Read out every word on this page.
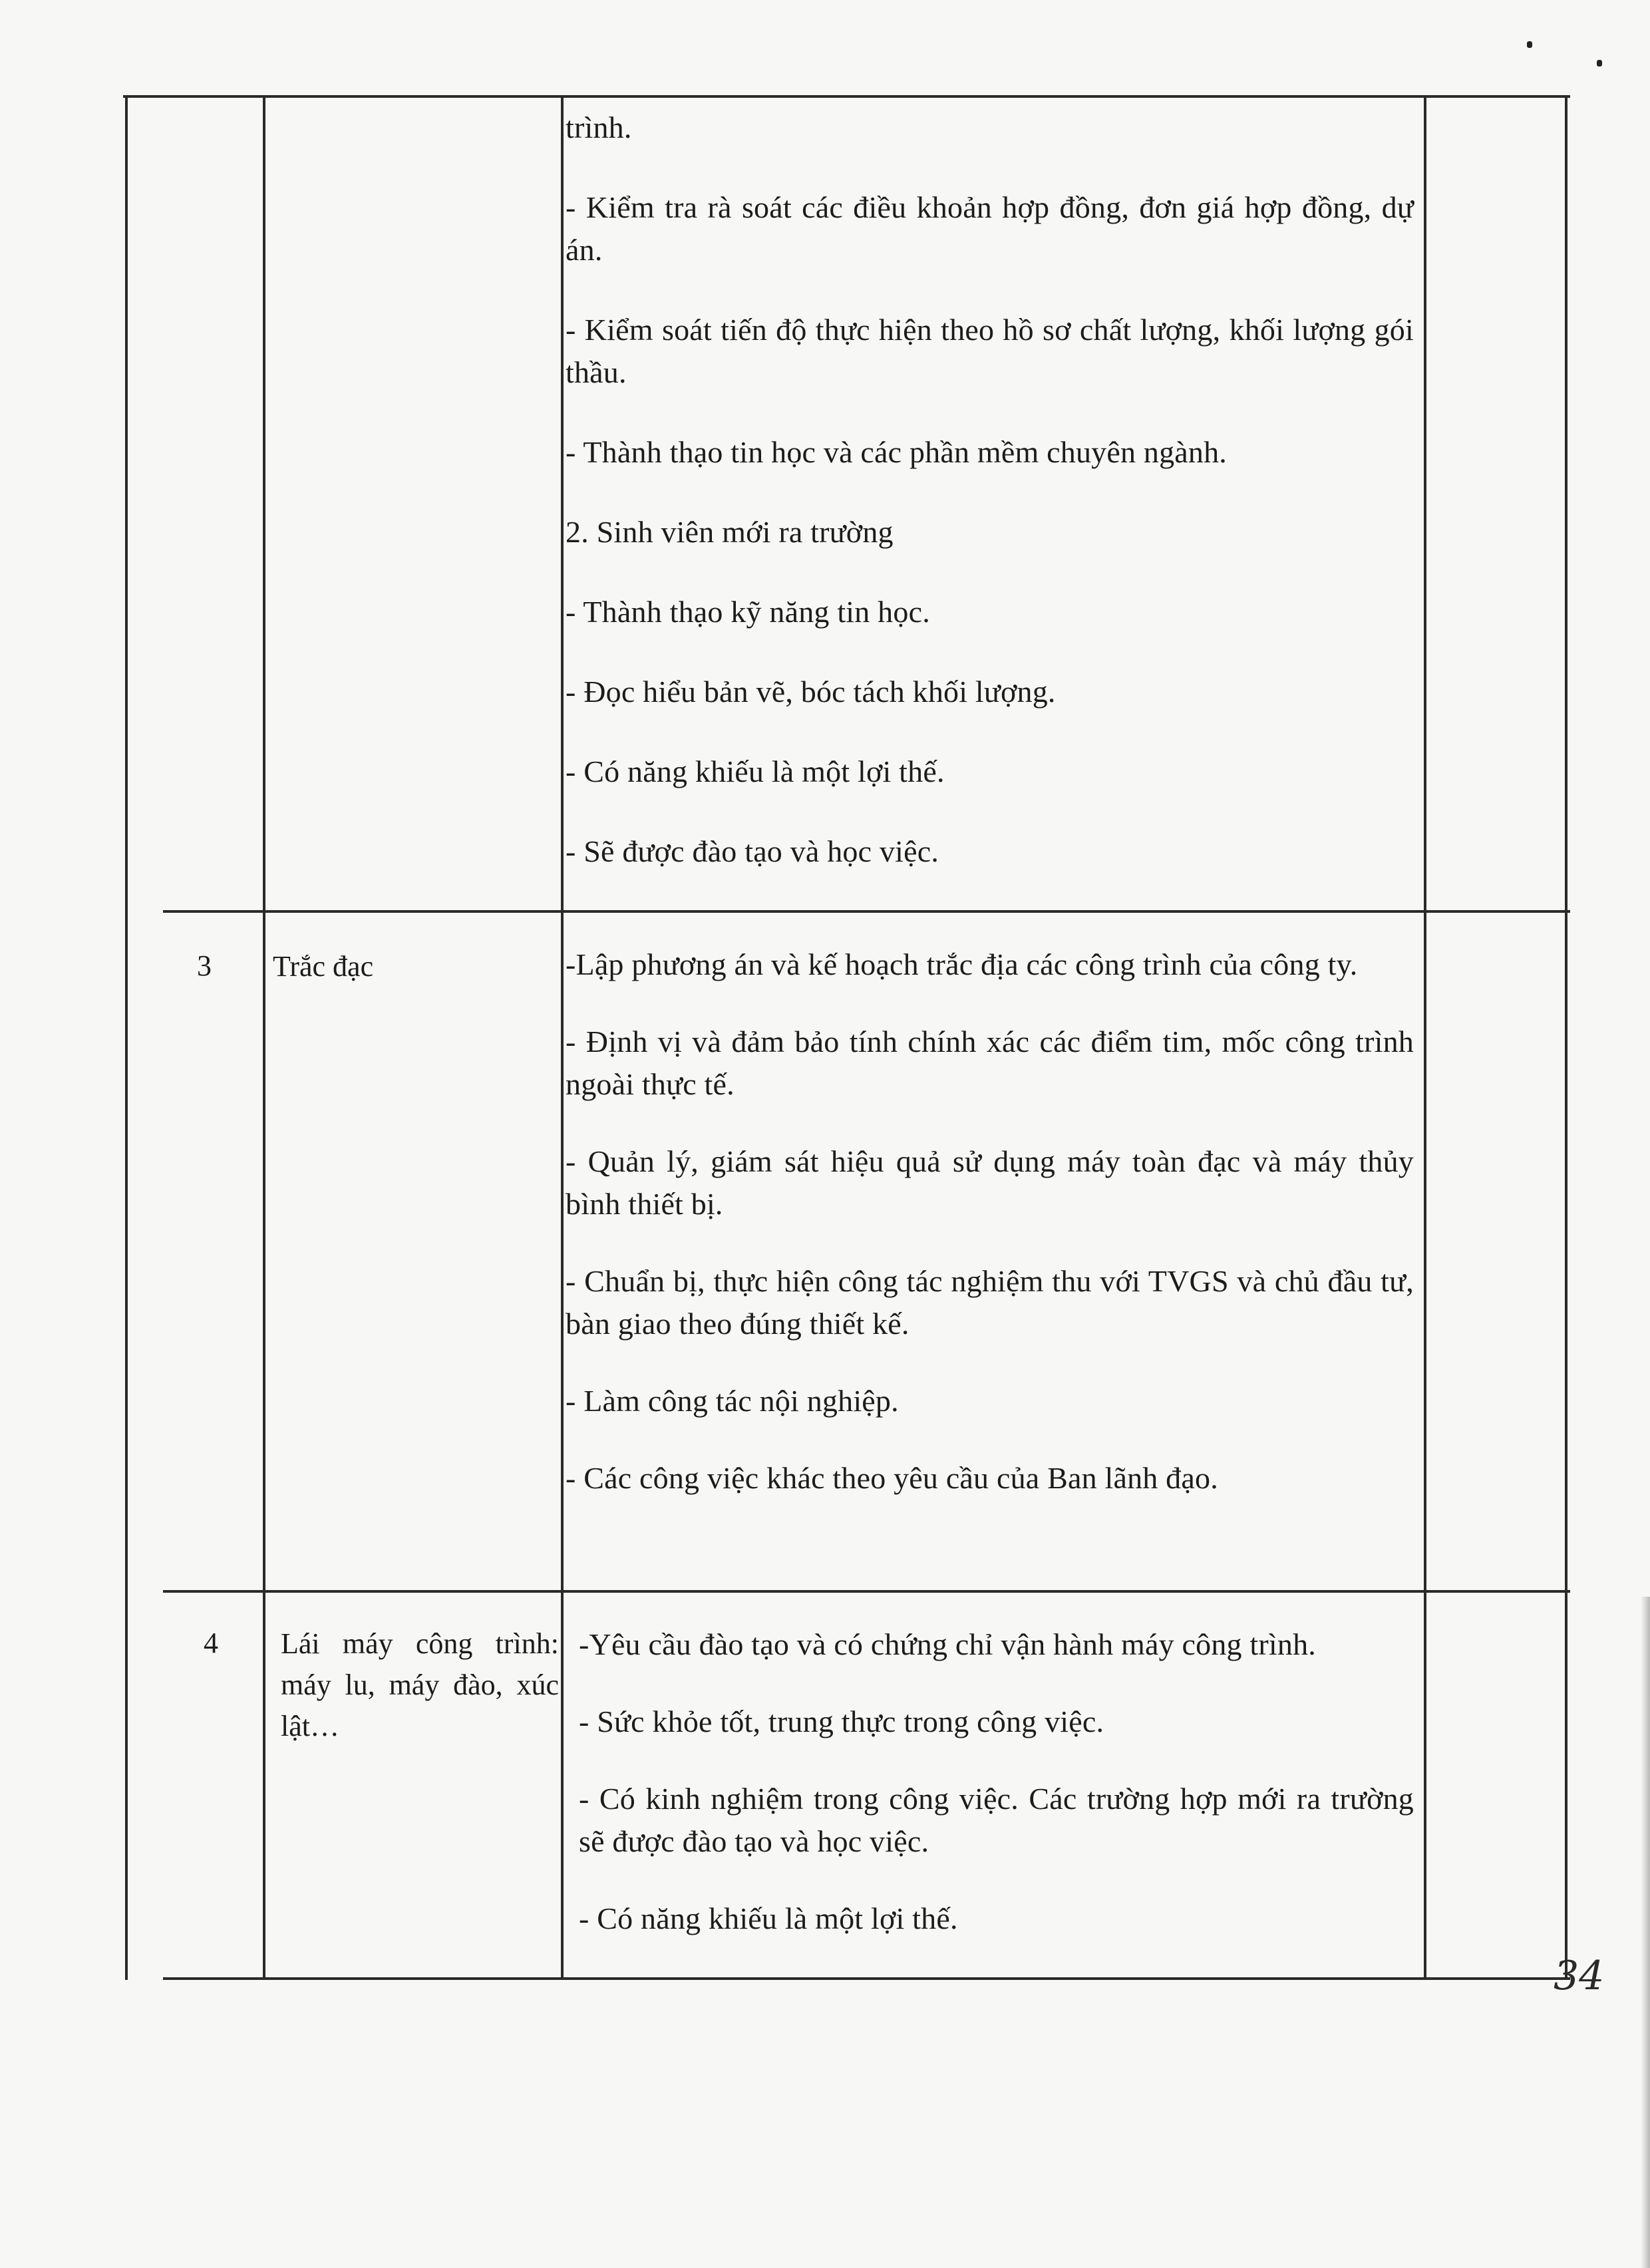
trình.

- Kiểm tra rà soát các điều khoản hợp đồng, đơn giá hợp đồng, dự án.

- Kiểm soát tiến độ thực hiện theo hồ sơ chất lượng, khối lượng gói thầu.

- Thành thạo tin học và các phần mềm chuyên ngành.

2. Sinh viên mới ra trường

- Thành thạo kỹ năng tin học.

- Đọc hiểu bản vẽ, bóc tách khối lượng.

- Có năng khiếu là một lợi thế.

- Sẽ được đào tạo và học việc.

3 Trắc đạc	-Lập phương án và kế hoạch trắc địa các công trình của công ty.

- Định vị và đảm bảo tính chính xác các điểm tim, mốc công trình ngoài thực tế.

- Quản lý, giám sát hiệu quả sử dụng máy toàn đạc và máy thủy bình thiết bị.

- Chuẩn bị, thực hiện công tác nghiệm thu với TVGS và chủ đầu tư, bàn giao theo đúng thiết kế.

- Làm công tác nội nghiệp.

- Các công việc khác theo yêu cầu của Ban lãnh đạo.

4 Lái máy công trình: máy lu, máy đào, xúc lật…

-Yêu cầu đào tạo và có chứng chỉ vận hành máy công trình.

- Sức khỏe tốt, trung thực trong công việc.

- Có kinh nghiệm trong công việc. Các trường hợp mới ra trường sẽ được đào tạo và học việc.

- Có năng khiếu là một lợi thế.

34
